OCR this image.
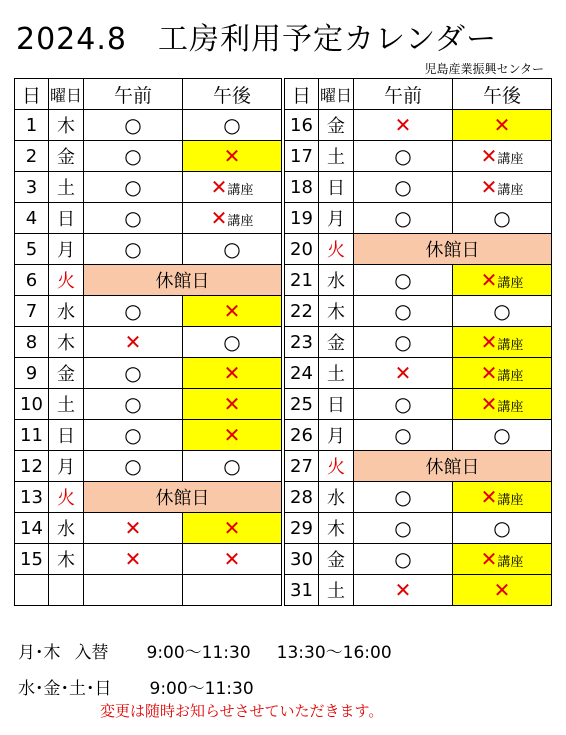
2024.8　工房利用予定カレンダー
児島産業振興センター
日	曜日	午前	午後
1	木	○	○
2	金	○	✕
3	土	○	✕講座
4	日	○	✕講座
5	月	○	○
6	火	休館日	
7	水	○	✕
8	木	✕	○
9	金	○	✕
10	土	○	✕
11	日	○	✕
12	月	○	○
13	火	休館日	
14	水	✕	✕
15	木	✕	✕

日	曜日	午前	午後
16	金	✕	✕
17	土	○	✕講座
18	日	○	✕講座
19	月	○	○
20	火	休館日	
21	水	○	✕講座
22	木	○	○
23	金	○	✕講座
24	土	✕	✕講座
25	日	○	✕講座
26	月	○	○
27	火	休館日	
28	水	○	✕講座
29	木	○	○
30	金	○	✕講座
31	土	✕	✕
月･木 入替 9:00～11:30 13:30～16:00
水･金･土･日 9:00～11:30
変更は随時お知らせさせていただきます。
